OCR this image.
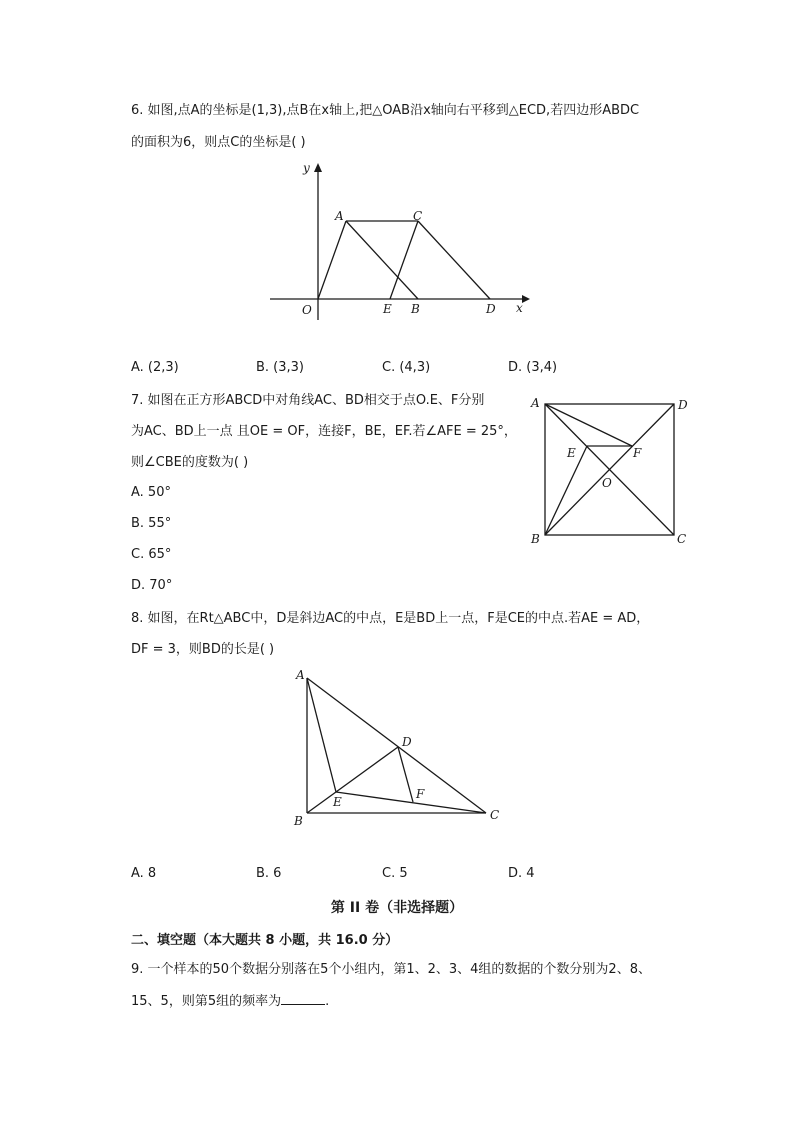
6. 如图,点A的坐标是(1,3),点B在x轴上,把△OAB沿x轴向右平移到△ECD,若四边形ABDC
的面积为6，则点C的坐标是( )
y
x
O
A	C
E B	D
A. (2,3)	B. (3,3)	C. (4,3)	D. (3,4)
7. 如图在正方形ABCD中对角线AC、BD相交于点O.E、F分别
为AC、BD上一点 且OE = OF，连接F，BE，EF.若∠AFE = 25°，
则∠CBE的度数为( )
A	D
E	F
O
B	C
A. 50°
B. 55°
C. 65°
D. 70°
8. 如图，在Rt△ABC中，D是斜边AC的中点，E是BD上一点，F是CE的中点.若AE = AD，
DF = 3，则BD的长是( )
A
D
E
F
B	C
A. 8	B. 6	C. 5	D. 4
第 II 卷（非选择题）
二、填空题（本大题共 8 小题，共 16.0 分）
9. 一个样本的50个数据分别落在5个小组内，第1、2、3、4组的数据的个数分别为2、8、
15、5，则第5组的频率为	.
